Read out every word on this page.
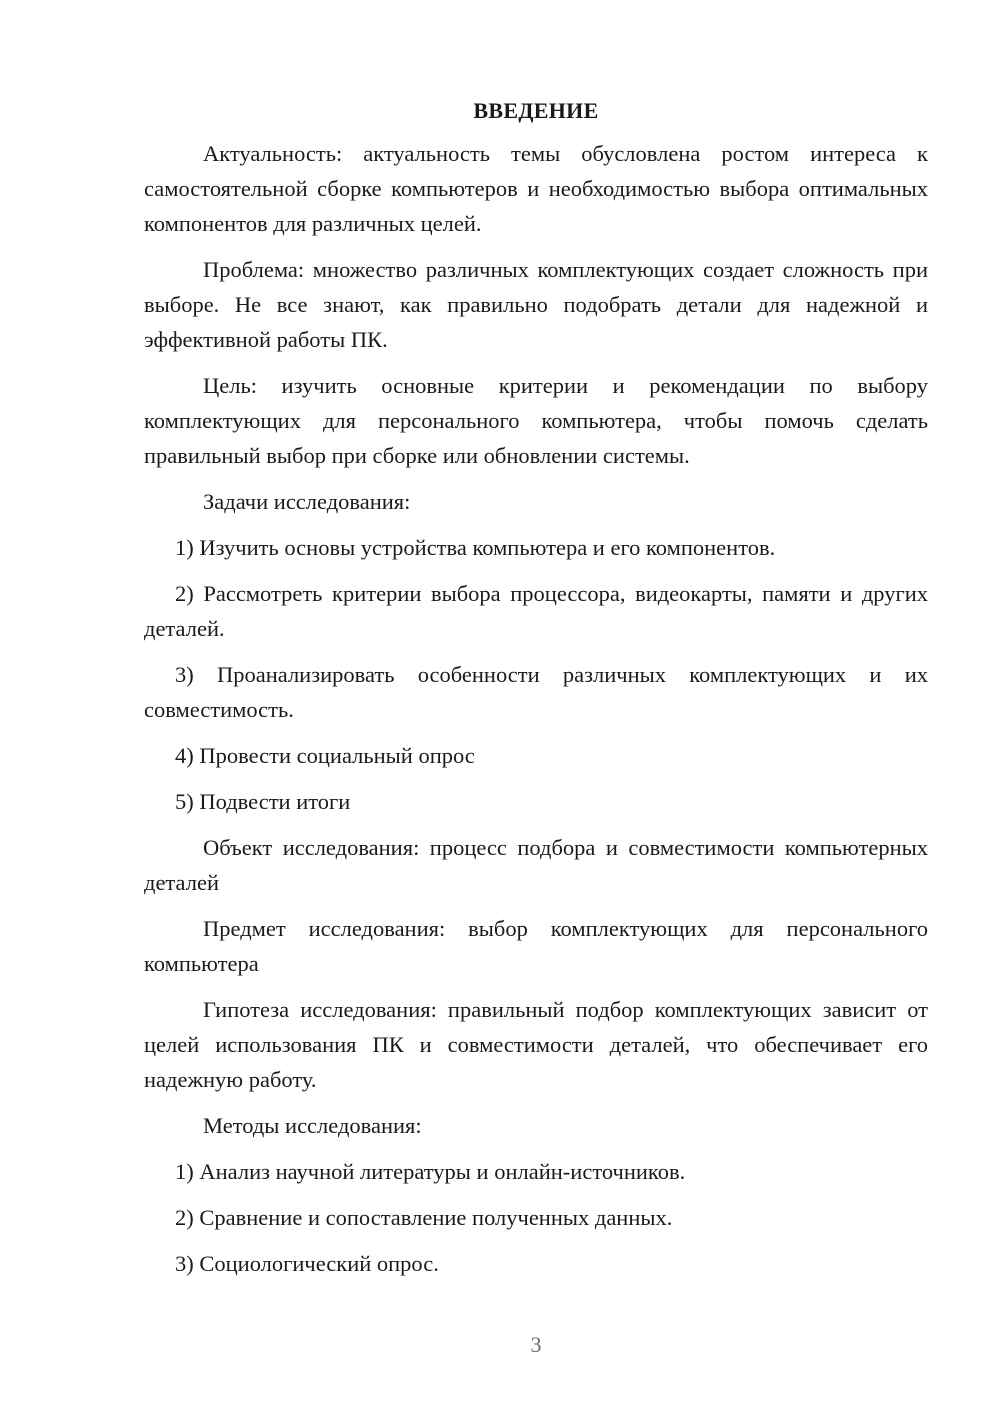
ВВЕДЕНИЕ
Актуальность: актуальность темы обусловлена ростом интереса к самостоятельной сборке компьютеров и необходимостью выбора оптимальных компонентов для различных целей.
Проблема: множество различных комплектующих создает сложность при выборе. Не все знают, как правильно подобрать детали для надежной и эффективной работы ПК.
Цель: изучить основные критерии и рекомендации по выбору комплектующих для персонального компьютера, чтобы помочь сделать правильный выбор при сборке или обновлении системы.
Задачи исследования:
1) Изучить основы устройства компьютера и его компонентов.
2) Рассмотреть критерии выбора процессора, видеокарты, памяти и других деталей.
3) Проанализировать особенности различных комплектующих и их совместимость.
4) Провести социальный опрос
5) Подвести итоги
Объект исследования: процесс подбора и совместимости компьютерных деталей
Предмет исследования: выбор комплектующих для персонального компьютера
Гипотеза исследования: правильный подбор комплектующих зависит от целей использования ПК и совместимости деталей, что обеспечивает его надежную работу.
Методы исследования:
1) Анализ научной литературы и онлайн-источников.
2) Сравнение и сопоставление полученных данных.
3) Социологический опрос.
3
